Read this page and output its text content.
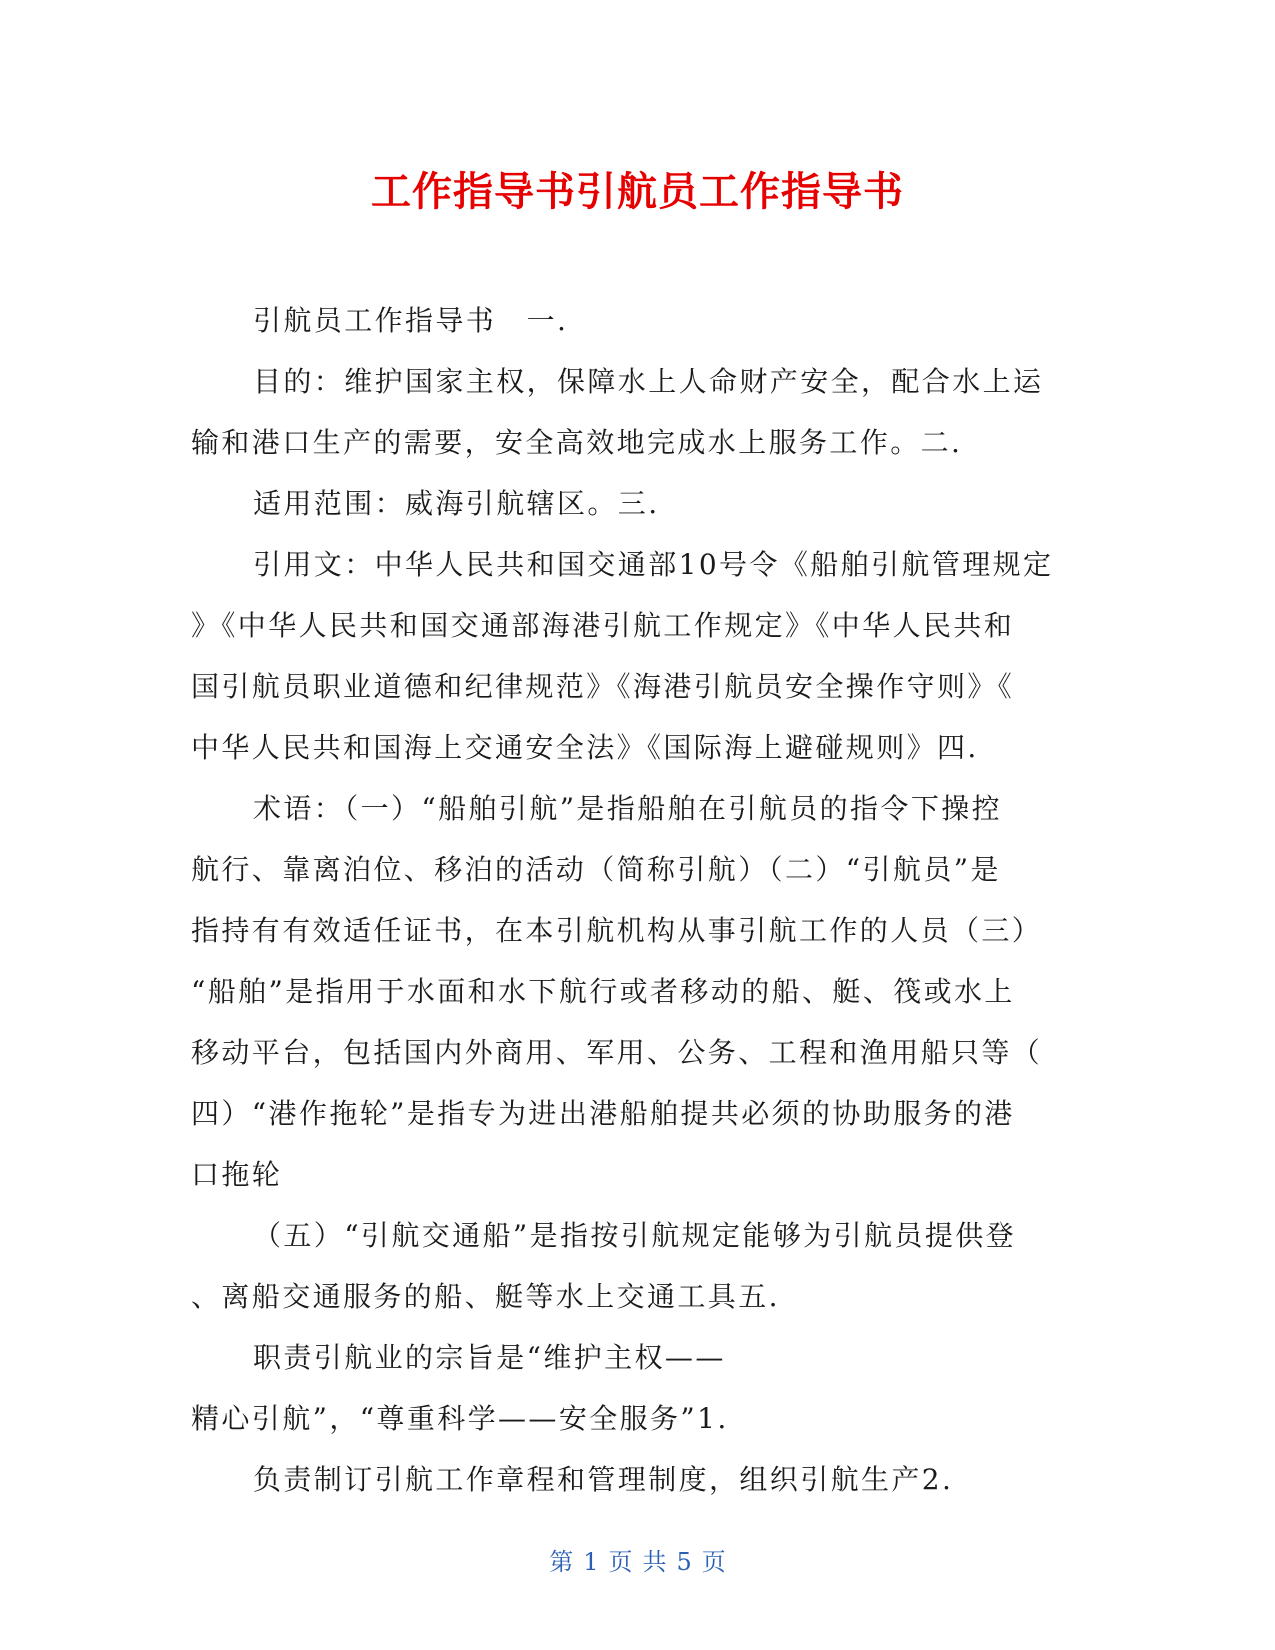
工作指导书引航员工作指导书
引航员工作指导书　一.
目的：维护国家主权，保障水上人命财产安全，配合水上运
输和港口生产的需要，安全高效地完成水上服务工作。二.
适用范围：威海引航辖区。三.
引用文：中华人民共和国交通部10号令《船舶引航管理规定
》《中华人民共和国交通部海港引航工作规定》《中华人民共和
国引航员职业道德和纪律规范》《海港引航员安全操作守则》《
中华人民共和国海上交通安全法》《国际海上避碰规则》四.
术语：（一）“船舶引航”是指船舶在引航员的指令下操控
航行、靠离泊位、移泊的活动（简称引航）（二）“引航员”是
指持有有效适任证书，在本引航机构从事引航工作的人员（三）
“船舶”是指用于水面和水下航行或者移动的船、艇、筏或水上
移动平台，包括国内外商用、军用、公务、工程和渔用船只等（
四）“港作拖轮”是指专为进出港船舶提共必须的协助服务的港
口拖轮
（五）“引航交通船”是指按引航规定能够为引航员提供登
、离船交通服务的船、艇等水上交通工具五.
职责引航业的宗旨是“维护主权——
精心引航”，“尊重科学——安全服务”1.
负责制订引航工作章程和管理制度，组织引航生产2.
第 1 页 共 5 页
